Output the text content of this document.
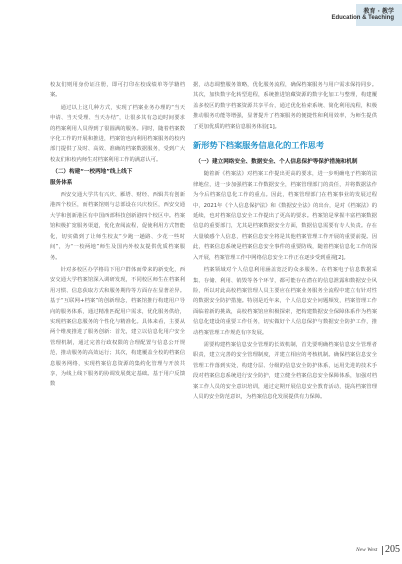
教育 · 教学
Education & Teaching

校友们则用身份证注册，即可打印在校成绩单等学籍档案。

通过以上这几种方式，实现了档案业务办理的“当天申请、当天受理、当天办结”，让很多其有急迫时间要求的档案利用人员得到了很圆满的服务。同时，随着档案数字化工作的开展和推进，档案馆也向利用档案服务的校内部门提供了及时、高效、准确的档案数据服务，受到广大校友们和校内师生对档案利用工作的满意认可。

（二）构建“一校两地”线上线下
服务体系

西安交通大学共有兴庆、雁塔、财经、西辑共有创新港四个校区，而档案馆则与总部设在兴庆校区，西安交通大学和创新港区有中国西部科技创新港四个校区中。档案馆积极扩宽服务渠道，优化查阅流程，促使利用方式智能化，切实做到了让师生校友“少跑一趟路、少花一些时间”，为“一校两地”师生及国内外校友提供优质档案服务。

针对多校区办学格局下用户群体而带来的新变化，西安交通大学档案馆深入调研发现，不同校区师生在档案利用习惯、信息获取方式和服务期待等方面存在显著差异。基于“互联网+档案”的创新理念，档案馆推行构建用户导向的服务体系，通过精准匹配用户需求，优化服务供给，实现档案信息服务的个性化与精准化。具体来看，主要从两个维度推进了服务创新：首先，建立以信息化用户安全管理机制，通过完善行政权限的合理配置与信息公开规范，推动服务的高效运行；其次，构建覆盖全校的档案信息服务网络，实现档案信息资源的集约化管理与开放共享，为线上线下服务的协调发展奠定基础。基于用户反馈数

据，动态调整服务策略，优化服务流程，确保档案服务与用户需求保持同步。其次，加快数字化转型进程，系统推进馆藏资源的数字化加工与整理，构建覆盖多校区的数字档案资源共享平台，通过优化检索系统、简化利用流程，积极推动服务功能等增强，显著提升了档案服务的便捷性和利用效率，为师生提供了更加优质的档案信息服务体验[1]。

新形势下档案服务信息化的工作思考
（一）建立网络安全、数据安全、个人信息保护等保护措施和机制

随着新《档案法》对档案工作提出更高的要求，进一步明确电子档案的法律地位，进一步加强档案工作数据安全，档案管理部门的责任，并将数据法作为今后档案信息化工作的重点。因此，档案管理部门在档案事业的发展过程中，2021年《个人信息保护法》和《数据安全法》的出台，是对《档案法》的延续，也对档案信息安全工作提出了更高的要求。档案馆是掌握丰富档案数据信息的重要部门，尤其是档案数据安全方面，数据信息需要有专人负责。存在大量敏感个人信息，档案信息安全将是其他档案管理工作开展的重要前提。因此，档案信息系统是档案信息安全事件的重要防线，随着档案信息化工作的深入开展，档案管理工作中网络信息安全工作正在逐步受到重视[2]。

档案领域对个人信息利用涵盖宽泛的众多服务。在档案电子信息数据采集、存储、利用、销毁等各个环节，都可能存在潜在的信息泄露和数据安全风险，所以对此高校档案管理人员主要应在档案业务服务全流程中建立有针对性的数据安全防护措施。特别是近年来，个人信息安全问题频发，档案管理工作面临着新的挑战，高校档案馆应积极探索，把构建数据安全保障体系作为档案信息化建设的重要工作任务，切实做好个人信息保护与数据安全防护工作，推动档案管理工作规范有序发展。

需要构建档案信息安全管理的长效机制，首先要明确档案信息安全管理者职责，建立完善的安全管理制度，并建立相应的考核机制。确保档案信息安全管理工作落到实处，构建分层、分级的信息安全防护体系，运用先进的技术手段对档案信息系统进行安全防护，建立健全档案信息安全保障体系，加强对档案工作人员的安全意识培训，通过定期开展信息安全教育活动，提高档案管理人员的安全防范意识，为档案信息化发展提供有力保障。

New West 205
